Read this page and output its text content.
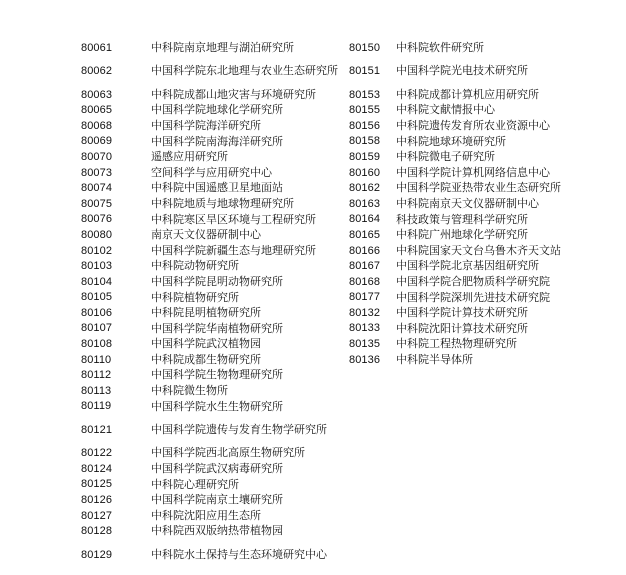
80061	中科院南京地理与湖泊研究所
80062	中国科学院东北地理与农业生态研究所
80063	中科院成都山地灾害与环境研究所
80065	中国科学院地球化学研究所
80068	中国科学院海洋研究所
80069	中国科学院南海海洋研究所
80070	遥感应用研究所
80073	空间科学与应用研究中心
80074	中科院中国遥感卫星地面站
80075	中科院地质与地球物理研究所
80076	中科院寒区旱区环境与工程研究所
80080	南京天文仪器研制中心
80102	中国科学院新疆生态与地理研究所
80103	中科院动物研究所
80104	中国科学院昆明动物研究所
80105	中科院植物研究所
80106	中科院昆明植物研究所
80107	中国科学院华南植物研究所
80108	中国科学院武汉植物园
80110	中科院成都生物研究所
80112	中国科学院生物物理研究所
80113	中科院微生物所
80119	中国科学院水生生物研究所
80121	中国科学院遗传与发育生物学研究所
80122	中国科学院西北高原生物研究所
80124	中国科学院武汉病毒研究所
80125	中科院心理研究所
80126	中国科学院南京土壤研究所
80127	中科院沈阳应用生态所
80128	中科院西双版纳热带植物园
80129	中科院水土保持与生态环境研究中心
80150	中科院软件研究所
80151	中国科学院光电技术研究所
80153	中科院成都计算机应用研究所
80155	中科院文献情报中心
80156	中科院遗传发育所农业资源中心
80158	中科院地球环境研究所
80159	中科院微电子研究所
80160	中国科学院计算机网络信息中心
80162	中国科学院亚热带农业生态研究所
80163	中科院南京天文仪器研制中心
80164	科技政策与管理科学研究所
80165	中科院广州地球化学研究所
80166	中科院国家天文台乌鲁木齐天文站
80167	中国科学院北京基因组研究所
80168	中国科学院合肥物质科学研究院
80177	中国科学院深圳先进技术研究院
80132	中国科学院计算技术研究所
80133	中科院沈阳计算技术研究所
80135	中科院工程热物理研究所
80136	中科院半导体所
